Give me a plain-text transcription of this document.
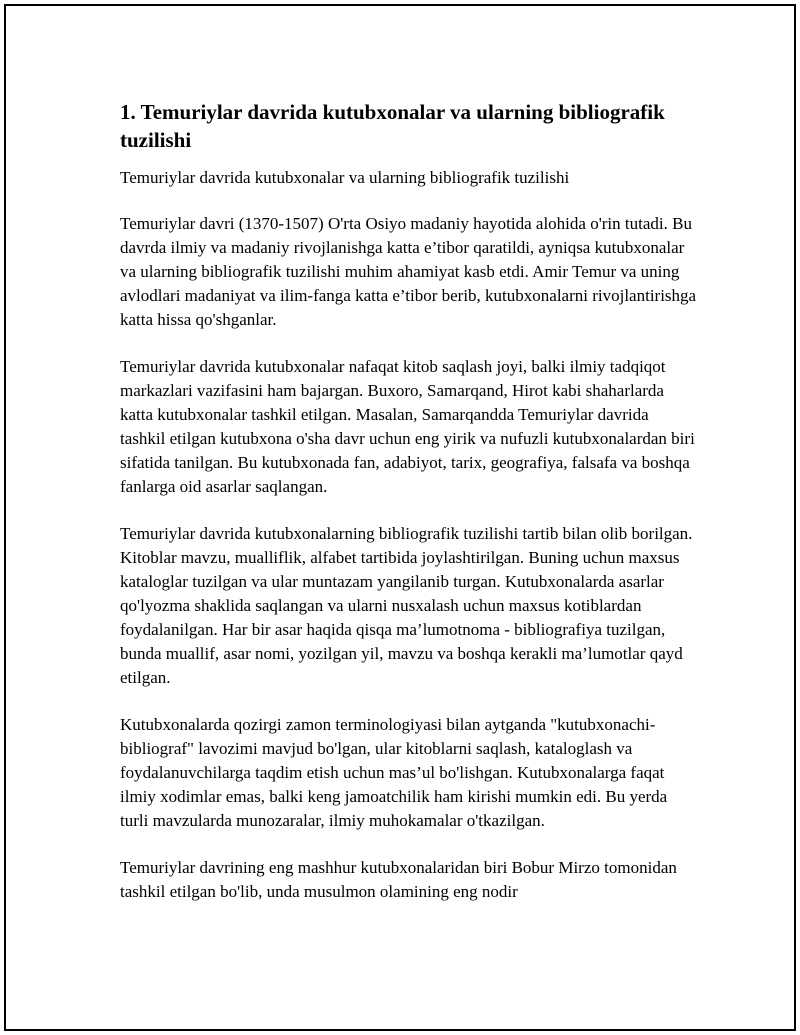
1. Temuriylar davrida kutubxonalar va ularning bibliografik tuzilishi

Temuriylar davrida kutubxonalar va ularning bibliografik tuzilishi

Temuriylar davri (1370-1507) O'rta Osiyo madaniy hayotida alohida o'rin tutadi. Bu davrda ilmiy va madaniy rivojlanishga katta e’tibor qaratildi, ayniqsa kutubxonalar va ularning bibliografik tuzilishi muhim ahamiyat kasb etdi. Amir Temur va uning avlodlari madaniyat va ilim-fanga katta e’tibor berib, kutubxonalarni rivojlantirishga katta hissa qo'shganlar.

Temuriylar davrida kutubxonalar nafaqat kitob saqlash joyi, balki ilmiy tadqiqot markazlari vazifasini ham bajargan. Buxoro, Samarqand, Hirot kabi shaharlarda katta kutubxonalar tashkil etilgan. Masalan, Samarqandda Temuriylar davrida tashkil etilgan kutubxona o'sha davr uchun eng yirik va nufuzli kutubxonalardan biri sifatida tanilgan. Bu kutubxonada fan, adabiyot, tarix, geografiya, falsafa va boshqa fanlarga oid asarlar saqlangan.

Temuriylar davrida kutubxonalarning bibliografik tuzilishi tartib bilan olib borilgan. Kitoblar mavzu, mualliflik, alfabet tartibida joylashtirilgan. Buning uchun maxsus kataloglar tuzilgan va ular muntazam yangilanib turgan. Kutubxonalarda asarlar qo'lyozma shaklida saqlangan va ularni nusxalash uchun maxsus kotiblardan foydalanilgan. Har bir asar haqida qisqa ma’lumotnoma - bibliografiya tuzilgan, bunda muallif, asar nomi, yozilgan yil, mavzu va boshqa kerakli ma’lumotlar qayd etilgan.

Kutubxonalarda qozirgi zamon terminologiyasi bilan aytganda "kutubxonachi-bibliograf" lavozimi mavjud bo'lgan, ular kitoblarni saqlash, kataloglash va foydalanuvchilarga taqdim etish uchun mas’ul bo'lishgan. Kutubxonalarga faqat ilmiy xodimlar emas, balki keng jamoatchilik ham kirishi mumkin edi. Bu yerda turli mavzularda munozaralar, ilmiy muhokamalar o'tkazilgan.

Temuriylar davrining eng mashhur kutubxonalaridan biri Bobur Mirzo tomonidan tashkil etilgan bo'lib, unda musulmon olamining eng nodir
